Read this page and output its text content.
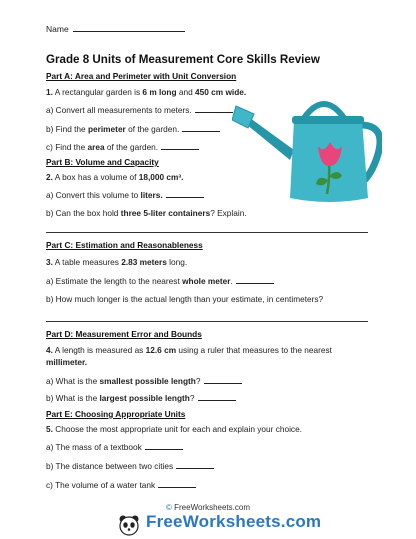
Name
Grade 8 Units of Measurement Core Skills Review
Part A: Area and Perimeter with Unit Conversion
1. A rectangular garden is 6 m long and 450 cm wide.
a) Convert all measurements to meters.
b) Find the perimeter of the garden.
c) Find the area of the garden.
Part B: Volume and Capacity
2. A box has a volume of 18,000 cm³.
a) Convert this volume to liters.
b) Can the box hold three 5-liter containers? Explain.
Part C: Estimation and Reasonableness
3. A table measures 2.83 meters long.
a) Estimate the length to the nearest whole meter.
b) How much longer is the actual length than your estimate, in centimeters?
Part D: Measurement Error and Bounds
4. A length is measured as 12.6 cm using a ruler that measures to the nearest
millimeter.
a) What is the smallest possible length?
b) What is the largest possible length?
Part E: Choosing Appropriate Units
5. Choose the most appropriate unit for each and explain your choice.
a) The mass of a textbook
b) The distance between two cities
c) The volume of a water tank
© FreeWorksheets.com
FreeWorksheets.com
